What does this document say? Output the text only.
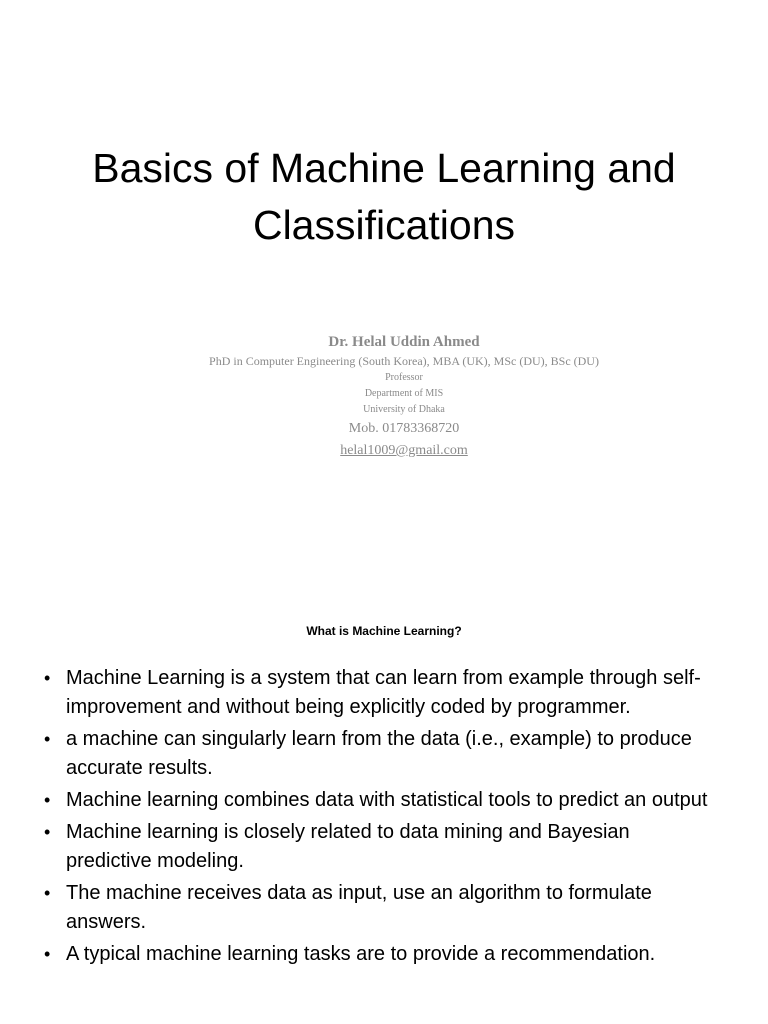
Basics of Machine Learning and
Classifications
Dr. Helal Uddin Ahmed
PhD in Computer Engineering (South Korea), MBA (UK), MSc (DU), BSc (DU)
Professor
Department of MIS
University of Dhaka
Mob. 01783368720
helal1009@gmail.com
What is Machine Learning?
• Machine Learning is a system that can learn from example through self-improvement and without being explicitly coded by programmer.
• a machine can singularly learn from the data (i.e., example) to produce accurate results.
• Machine learning combines data with statistical tools to predict an output
• Machine learning is closely related to data mining and Bayesian predictive modeling.
• The machine receives data as input, use an algorithm to formulate answers.
• A typical machine learning tasks are to provide a recommendation.
